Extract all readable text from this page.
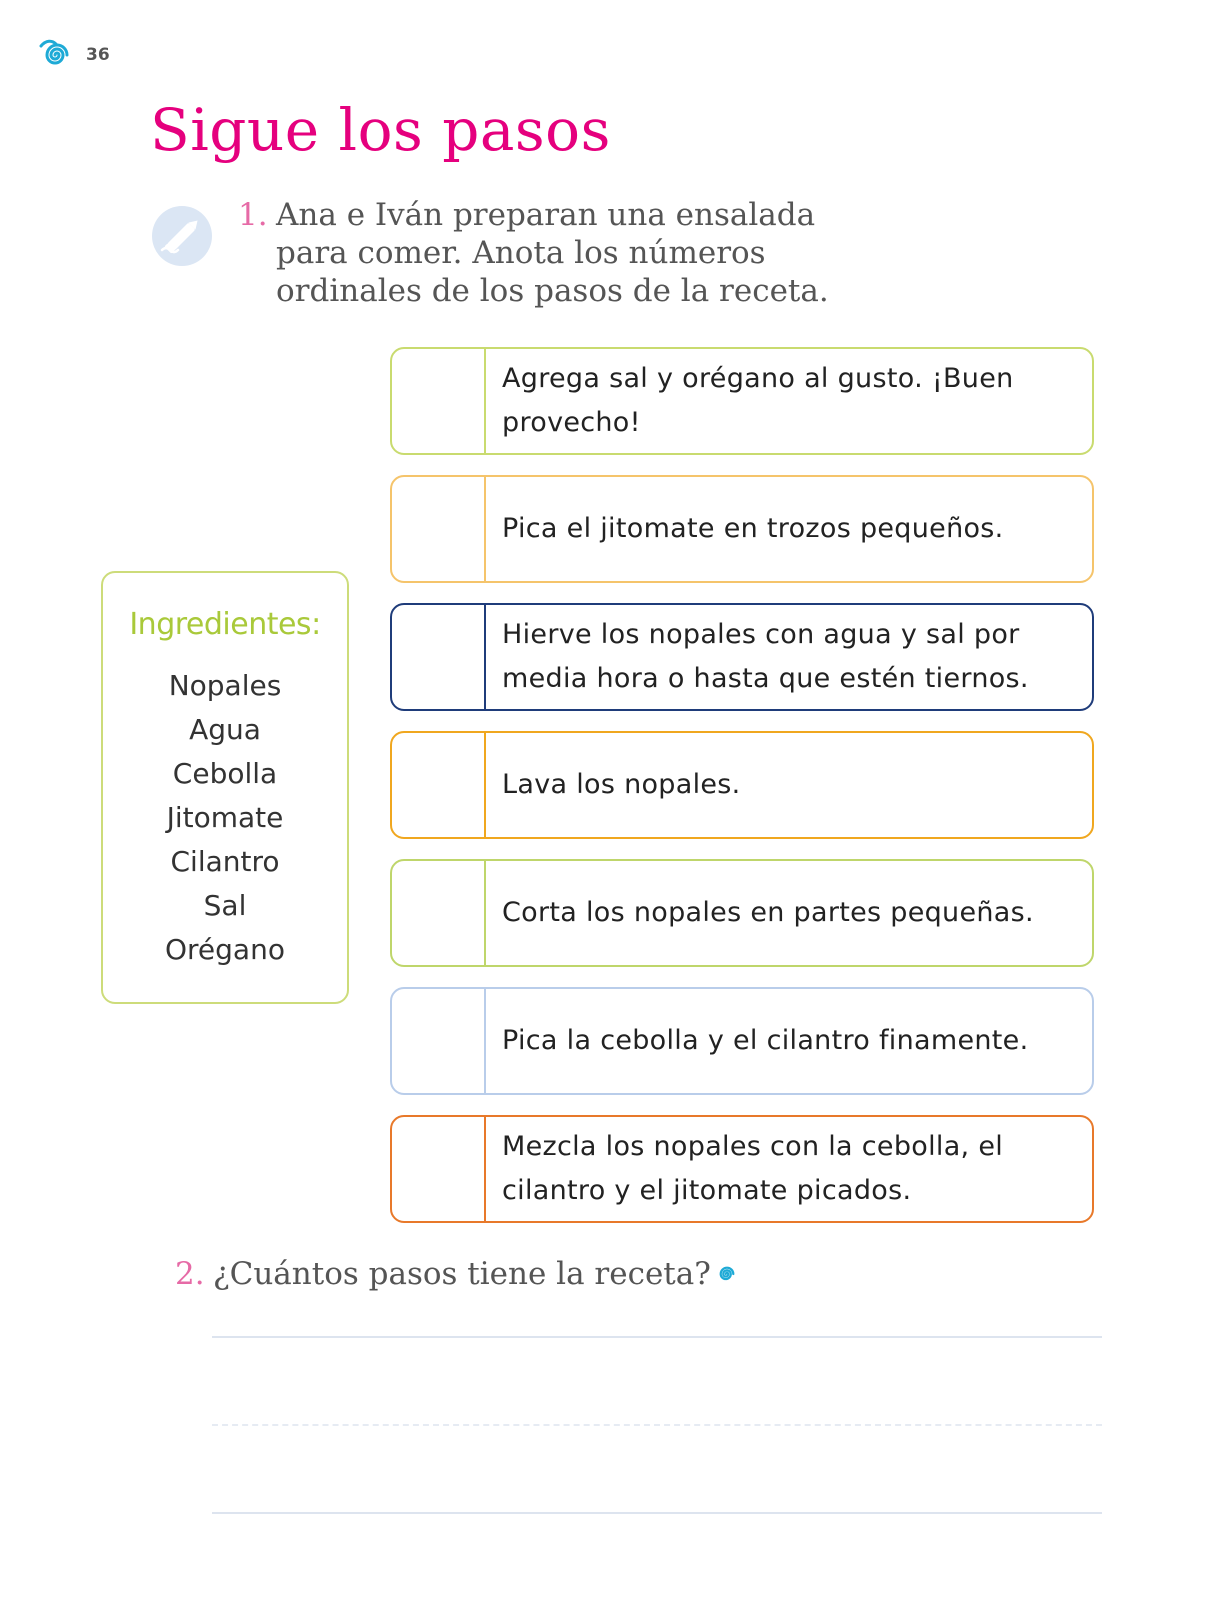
36
Sigue los pasos
1. Ana e Iván preparan una ensalada para comer. Anota los números ordinales de los pasos de la receta.
Ingredientes:
Nopales
Agua
Cebolla
Jitomate
Cilantro
Sal
Orégano
Agrega sal y orégano al gusto. ¡Buen provecho!
Pica el jitomate en trozos pequeños.
Hierve los nopales con agua y sal por media hora o hasta que estén tiernos.
Lava los nopales.
Corta los nopales en partes pequeñas.
Pica la cebolla y el cilantro finamente.
Mezcla los nopales con la cebolla, el cilantro y el jitomate picados.
2. ¿Cuántos pasos tiene la receta?
